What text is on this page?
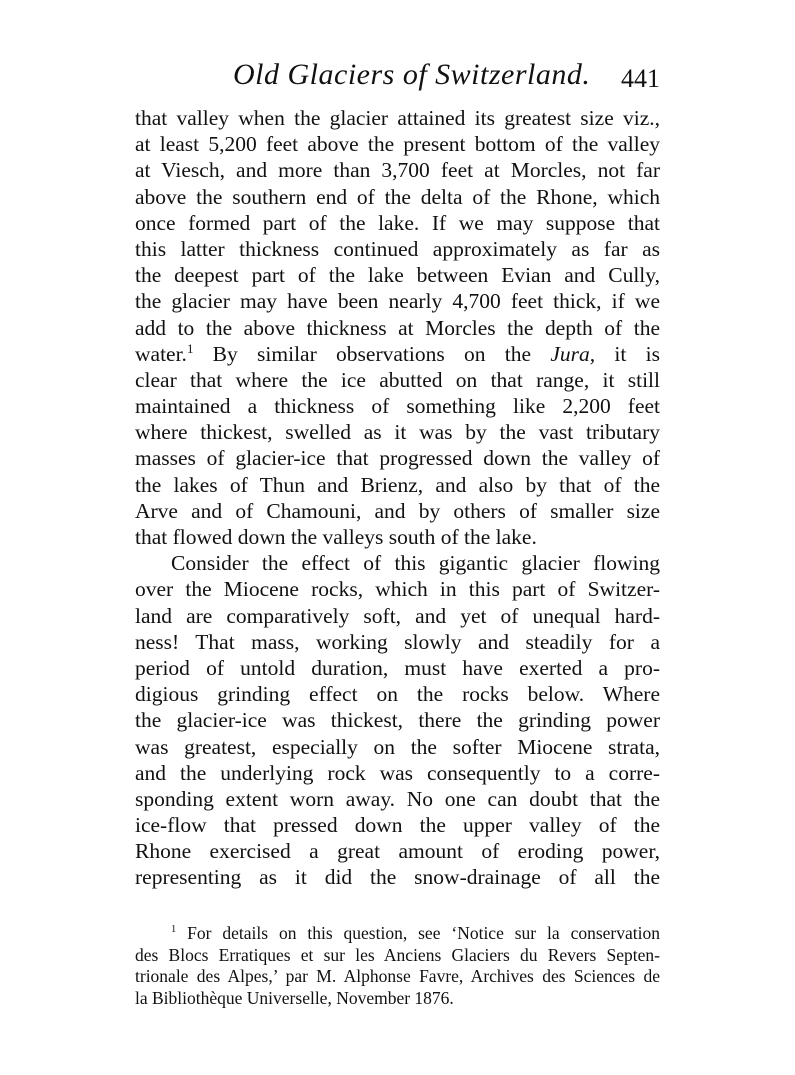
Old Glaciers of Switzerland. 441
that valley when the glacier attained its greatest size viz.,
at least 5,200 feet above the present bottom of the valley
at Viesch, and more than 3,700 feet at Morcles, not far
above the southern end of the delta of the Rhone, which
once formed part of the lake. If we may suppose that
this latter thickness continued approximately as far as
the deepest part of the lake between Evian and Cully,
the glacier may have been nearly 4,700 feet thick, if we
add to the above thickness at Morcles the depth of the
water.$^1$ By similar observations on the Jura, it is
clear that where the ice abutted on that range, it still
maintained a thickness of something like 2,200 feet
where thickest, swelled as it was by the vast tributary
masses of glacier-ice that progressed down the valley of
the lakes of Thun and Brienz, and also by that of the
Arve and of Chamouni, and by others of smaller size
that flowed down the valleys south of the lake.
Consider the effect of this gigantic glacier flowing
over the Miocene rocks, which in this part of Switzer-
land are comparatively soft, and yet of unequal hard-
ness! That mass, working slowly and steadily for a
period of untold duration, must have exerted a pro-
digious grinding effect on the rocks below. Where
the glacier-ice was thickest, there the grinding power
was greatest, especially on the softer Miocene strata,
and the underlying rock was consequently to a corre-
sponding extent worn away. No one can doubt that the
ice-flow that pressed down the upper valley of the
Rhone exercised a great amount of eroding power,
representing as it did the snow-drainage of all the
$^1$ For details on this question, see ‘Notice sur la conservation
des Blocs Erratiques et sur les Anciens Glaciers du Revers Septen-
trionale des Alpes,’ par M. Alphonse Favre, Archives des Sciences de
la Bibliothèque Universelle, November 1876.
